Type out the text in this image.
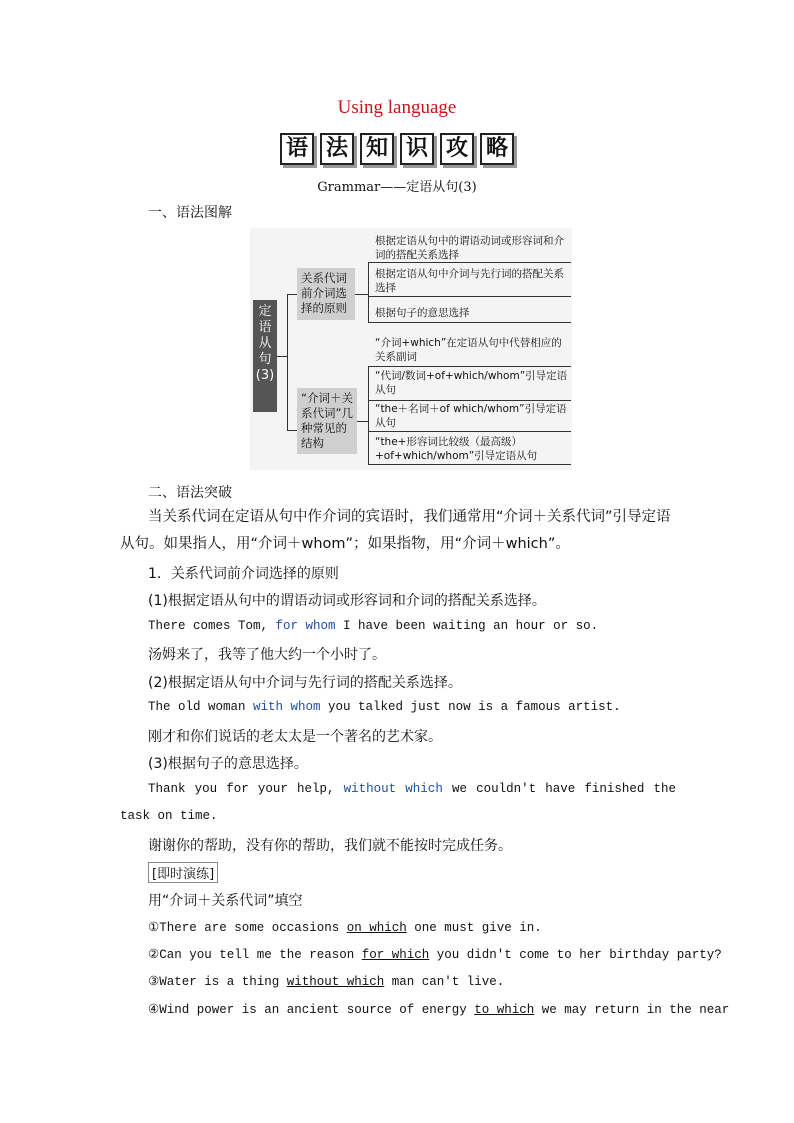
Using language
语 法 知 识 攻 略
Grammar——定语从句(3)
一、语法图解
定语从句(3)
关系代词前介词选择的原则
“介词＋关系代词”几种常见的结构
根据定语从句中的谓语动词或形容词和介词的搭配关系选择
根据定语从句中介词与先行词的搭配关系选择
根据句子的意思选择
“介词+which”在定语从句中代替相应的关系副词
“代词/数词+of+which/whom”引导定语从句
“the＋名词＋of which/whom”引导定语从句
“the+形容词比较级（最高级）+of+which/whom”引导定语从句
二、语法突破
当关系代词在定语从句中作介词的宾语时，我们通常用“介词＋关系代词”引导定语从句。如果指人，用“介词＋whom”；如果指物，用“介词＋which”。
1．关系代词前介词选择的原则
(1)根据定语从句中的谓语动词或形容词和介词的搭配关系选择。
There comes Tom, for whom I have been waiting an hour or so.
汤姆来了，我等了他大约一个小时了。
(2)根据定语从句中介词与先行词的搭配关系选择。
The old woman with whom you talked just now is a famous artist.
刚才和你们说话的老太太是一个著名的艺术家。
(3)根据句子的意思选择。
Thank you for your help, without which we couldn't have finished the task on time.
谢谢你的帮助，没有你的帮助，我们就不能按时完成任务。
[即时演练]
用“介词＋关系代词”填空
①There are some occasions on which one must give in.
②Can you tell me the reason for which you didn't come to her birthday party?
③Water is a thing without which man can't live.
④Wind power is an ancient source of energy to which we may return in the near
